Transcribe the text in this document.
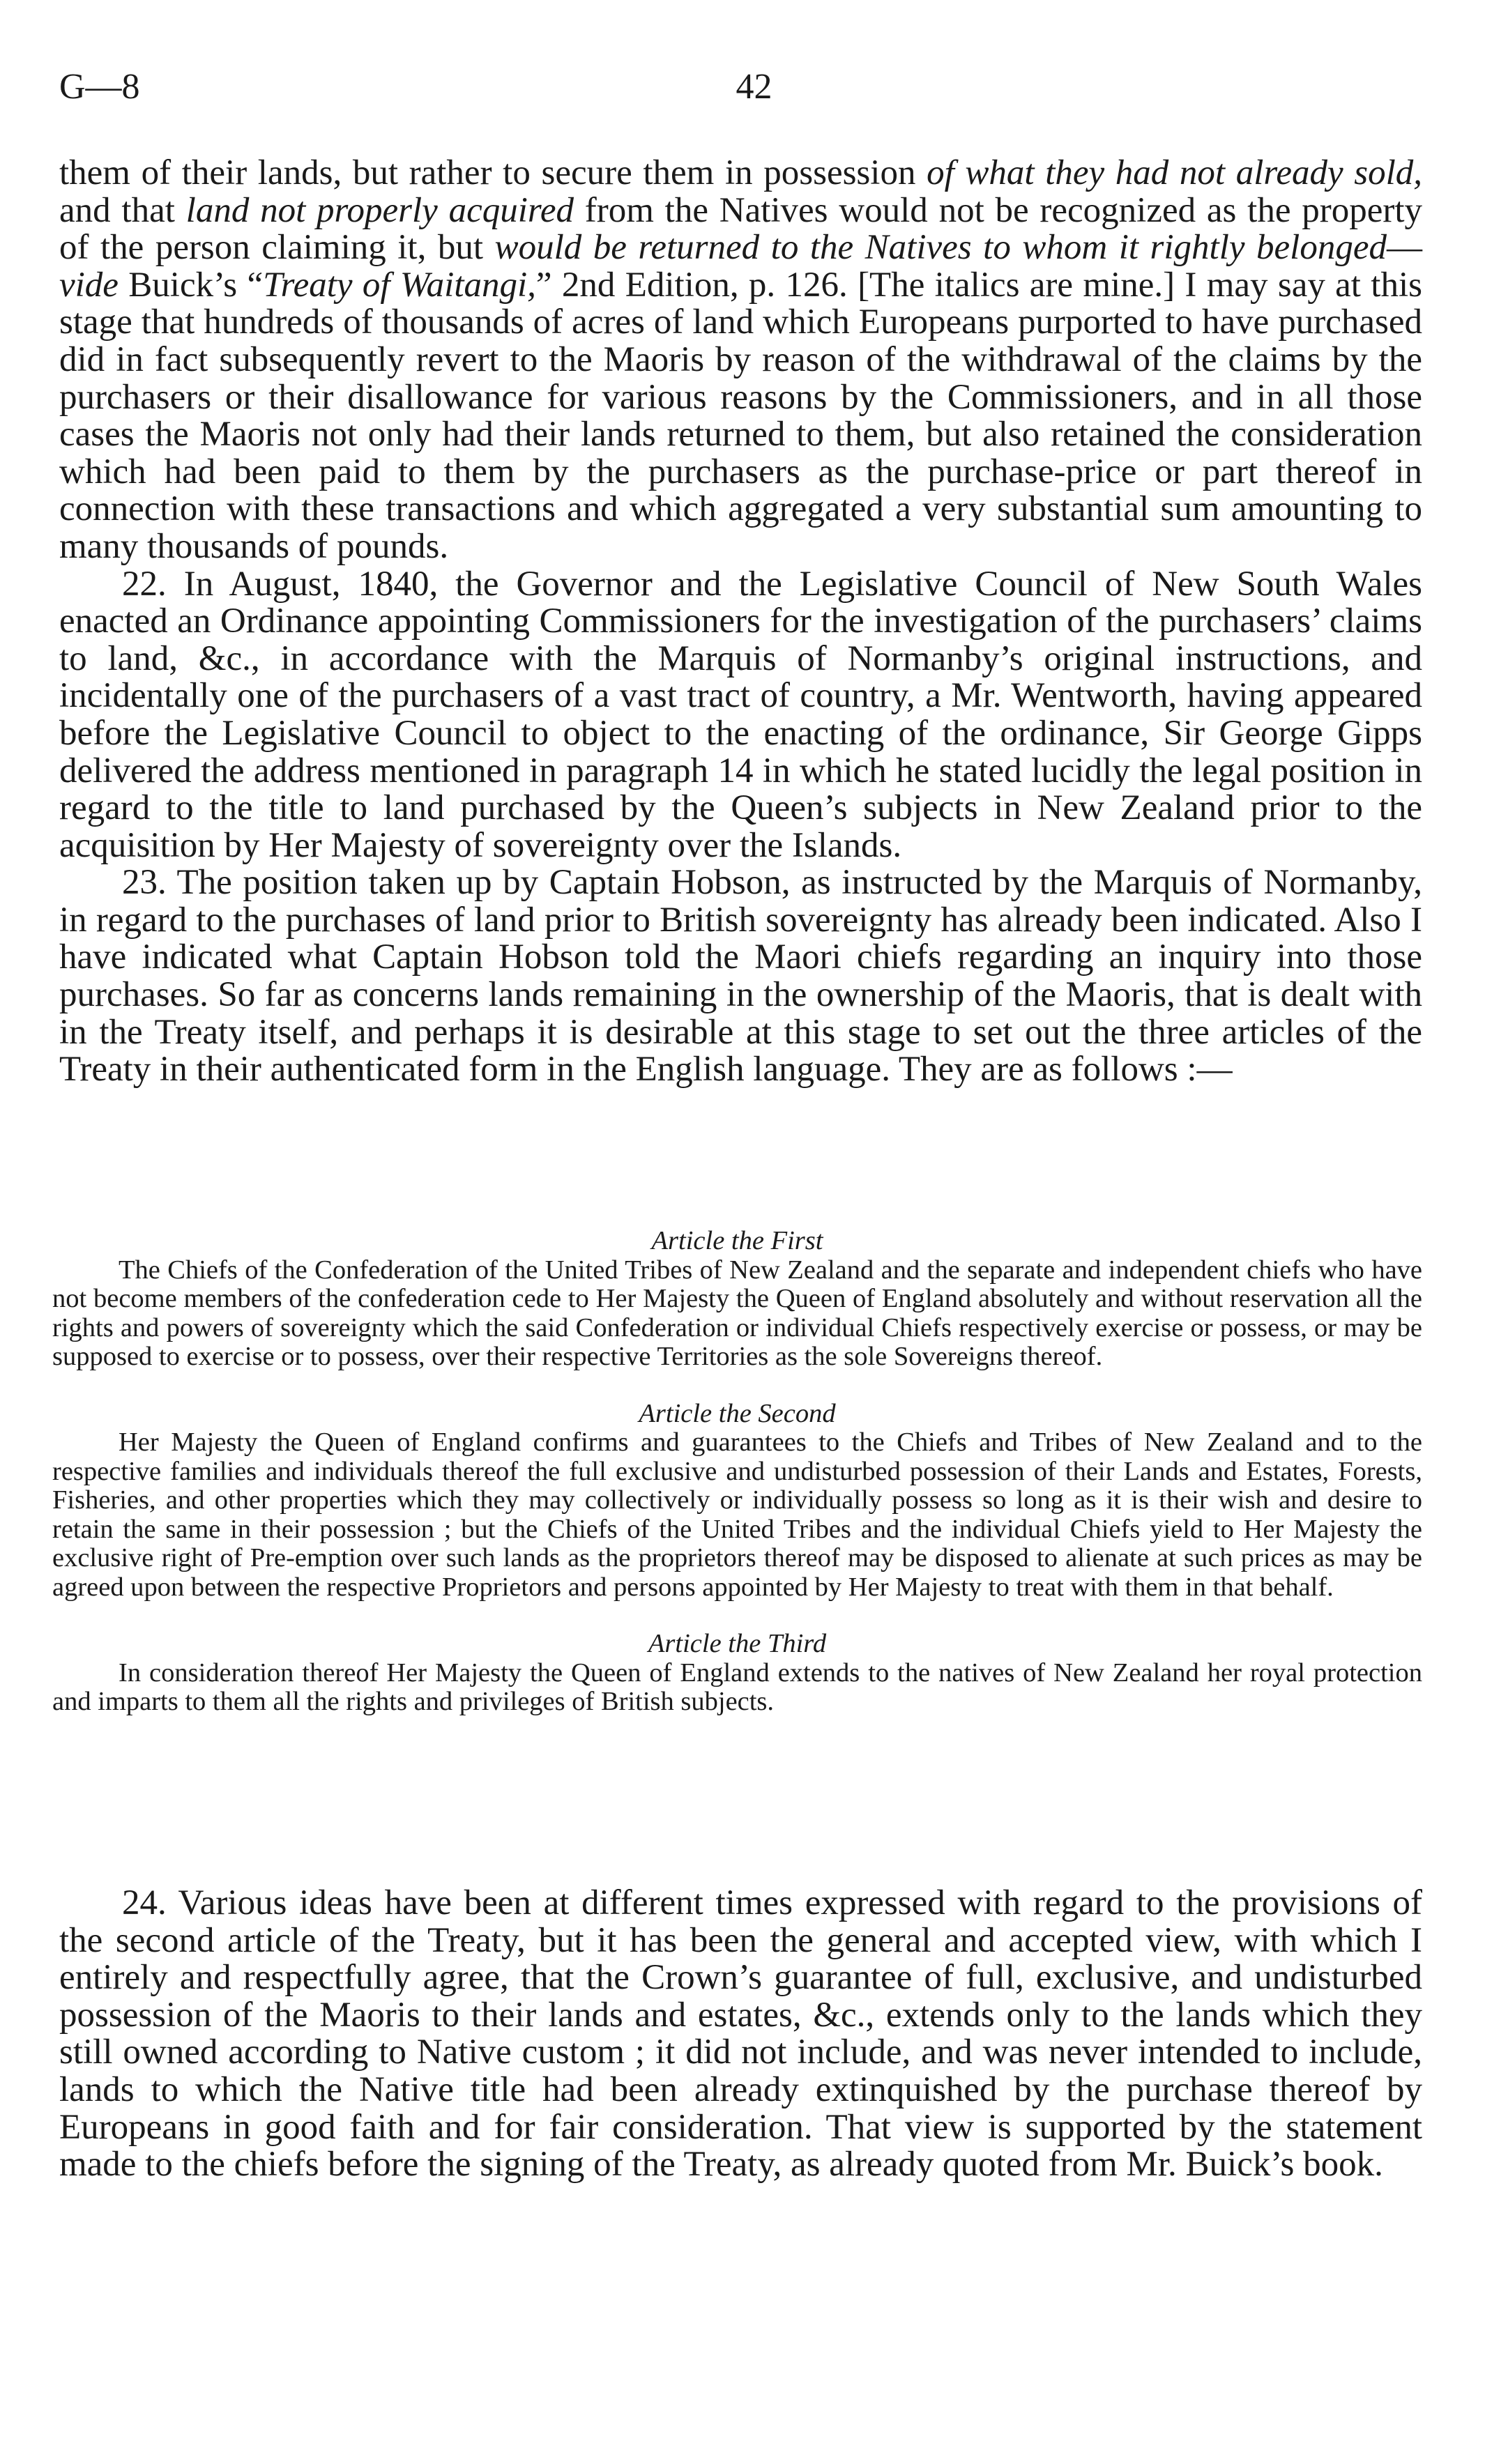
G—8	42

them of their lands, but rather to secure them in possession of what they had not already sold, and that land not properly acquired from the Natives would not be recognized as the property of the person claiming it, but would be returned to the Natives to whom it rightly belonged—vide Buick’s “Treaty of Waitangi,” 2nd Edition, p. 126. [The italics are mine.] I may say at this stage that hundreds of thousands of acres of land which Europeans purported to have purchased did in fact subsequently revert to the Maoris by reason of the withdrawal of the claims by the purchasers or their disallowance for various reasons by the Commissioners, and in all those cases the Maoris not only had their lands returned to them, but also retained the consideration which had been paid to them by the purchasers as the purchase-price or part thereof in connection with these transactions and which aggregated a very substantial sum amounting to many thousands of pounds.

22. In August, 1840, the Governor and the Legislative Council of New South Wales enacted an Ordinance appointing Commissioners for the investigation of the purchasers’ claims to land, &c., in accordance with the Marquis of Normanby’s original instructions, and incidentally one of the purchasers of a vast tract of country, a Mr. Wentworth, having appeared before the Legislative Council to object to the enacting of the ordinance, Sir George Gipps delivered the address mentioned in paragraph 14 in which he stated lucidly the legal position in regard to the title to land purchased by the Queen’s subjects in New Zealand prior to the acquisition by Her Majesty of sovereignty over the Islands.

23. The position taken up by Captain Hobson, as instructed by the Marquis of Normanby, in regard to the purchases of land prior to British sovereignty has already been indicated. Also I have indicated what Captain Hobson told the Maori chiefs regarding an inquiry into those purchases. So far as concerns lands remaining in the ownership of the Maoris, that is dealt with in the Treaty itself, and perhaps it is desirable at this stage to set out the three articles of the Treaty in their authenticated form in the English language. They are as follows :—

Article the First

The Chiefs of the Confederation of the United Tribes of New Zealand and the separate and independent chiefs who have not become members of the confederation cede to Her Majesty the Queen of England absolutely and without reservation all the rights and powers of sovereignty which the said Confederation or individual Chiefs respectively exercise or possess, or may be supposed to exercise or to possess, over their respective Territories as the sole Sovereigns thereof.

Article the Second

Her Majesty the Queen of England confirms and guarantees to the Chiefs and Tribes of New Zealand and to the respective families and individuals thereof the full exclusive and undisturbed possession of their Lands and Estates, Forests, Fisheries, and other properties which they may collectively or individually possess so long as it is their wish and desire to retain the same in their possession ; but the Chiefs of the United Tribes and the individual Chiefs yield to Her Majesty the exclusive right of Pre-emption over such lands as the proprietors thereof may be disposed to alienate at such prices as may be agreed upon between the respective Proprietors and persons appointed by Her Majesty to treat with them in that behalf.

Article the Third

In consideration thereof Her Majesty the Queen of England extends to the natives of New Zealand her royal protection and imparts to them all the rights and privileges of British subjects.

24. Various ideas have been at different times expressed with regard to the provisions of the second article of the Treaty, but it has been the general and accepted view, with which I entirely and respectfully agree, that the Crown’s guarantee of full, exclusive, and undisturbed possession of the Maoris to their lands and estates, &c., extends only to the lands which they still owned according to Native custom ; it did not include, and was never intended to include, lands to which the Native title had been already extinquished by the purchase thereof by Europeans in good faith and for fair consideration. That view is supported by the statement made to the chiefs before the signing of the Treaty, as already quoted from Mr. Buick’s book.
